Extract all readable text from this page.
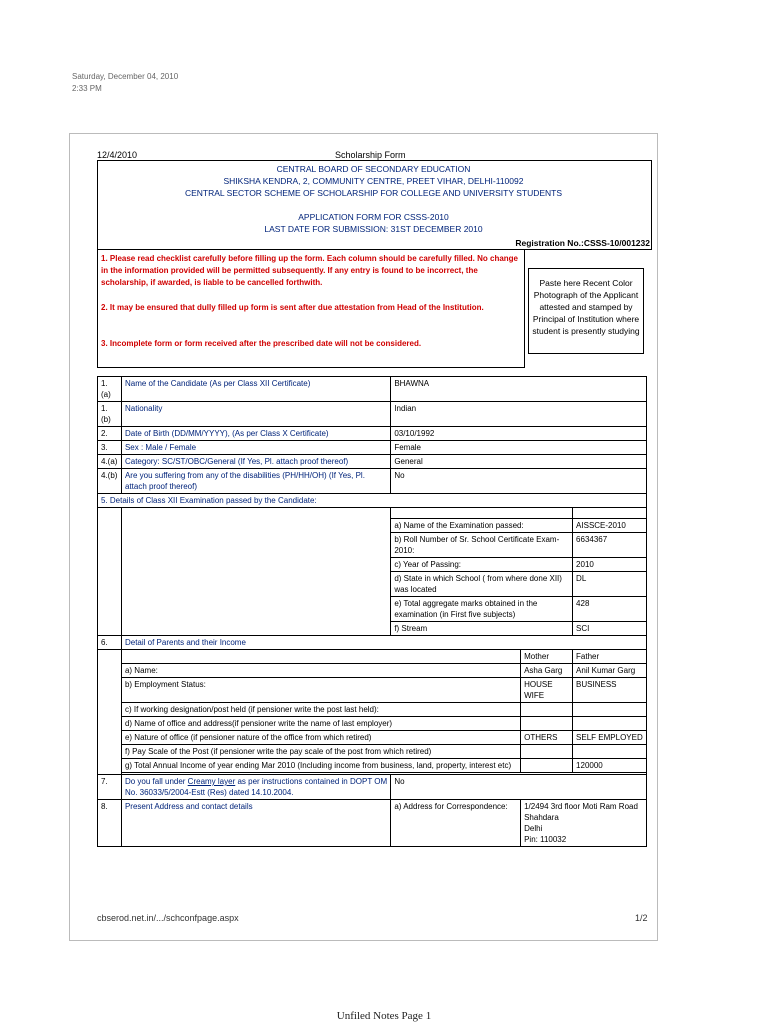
Saturday, December 04, 2010
2:33 PM
12/4/2010	Scholarship Form
CENTRAL BOARD OF SECONDARY EDUCATION
SHIKSHA KENDRA, 2, COMMUNITY CENTRE, PREET VIHAR, DELHI-110092
CENTRAL SECTOR SCHEME OF SCHOLARSHIP FOR COLLEGE AND UNIVERSITY STUDENTS
APPLICATION FORM FOR CSSS-2010
LAST DATE FOR SUBMISSION: 31ST DECEMBER 2010
Registration No.:CSSS-10/001232
1. Please read checklist carefully before filling up the form. Each column should be carefully filled. No change in the information provided will be permitted subsequently. If any entry is found to be incorrect, the scholarship, if awarded, is liable to be cancelled forthwith.
2. It may be ensured that dully filled up form is sent after due attestation from Head of the Institution.
3. Incomplete form or form received after the prescribed date will not be considered.
Paste here Recent Color Photograph of the Applicant attested and stamped by Principal of Institution where student is presently studying
1. (a)	Name of the Candidate (As per Class XII Certificate)	BHAWNA		
1. (b)	Nationality	Indian		
2.	Date of Birth (DD/MM/YYYY), (As per Class X Certificate)	03/10/1992		
3.	Sex : Male / Female	Female		
4.(a)	Category: SC/ST/OBC/General (If Yes, Pl. attach proof thereof)	General		
4.(b)	Are you suffering from any of the disabilities (PH/HH/OH) (If Yes, Pl. attach proof thereof)	No		
5. Details of Class XII Examination passed by the Candidate:				

		a) Name of the Examination passed:		AISSCE-2010
		b) Roll Number of Sr. School Certificate Exam-2010:		6634367
		c) Year of Passing:		2010
		d) State in which School ( from where done XII) was located		DL
		e) Total aggregate marks obtained in the examination (in First five subjects)		428
		f) Stream		SCI
6.	Detail of Parents and their Income			
			Mother	Father
	a) Name:		Asha Garg	Anil Kumar Garg
	b) Employment Status:		HOUSE WIFE	BUSINESS
	c) If working designation/post held (if pensioner write the post last held):			
	d) Name of office and address(if pensioner write the name of last employer)			
	e) Nature of office (if pensioner nature of the office from which retired)		OTHERS	SELF EMPLOYED
	f) Pay Scale of the Post (if pensioner write the pay scale of the post from which retired)			
	g) Total Annual Income of year ending Mar 2010 (Including income from business, land, property, interest etc)			120000

7.	Do you fall under Creamy layer as per instructions contained in DOPT OM No. 36033/5/2004-Estt (Res) dated 14.10.2004.	No		
8.	Present Address and contact details	a) Address for Correspondence:	1/2494 3rd floor Moti Ram Road
Shahdara
Delhi
Pin: 110032	
cbserod.net.in/.../schconfpage.aspx	1/2
Unfiled Notes Page 1
